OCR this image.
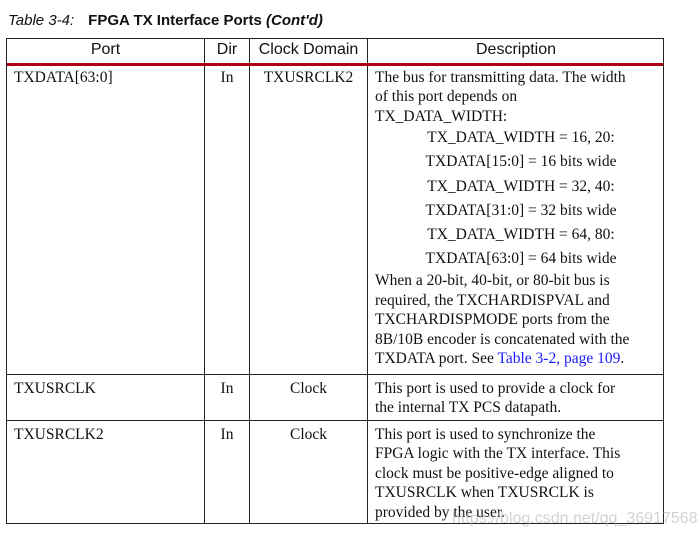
Table 3-4: FPGA TX Interface Ports (Cont'd)
Port	Dir	Clock Domain	Description
TXDATA[63:0]	In	TXUSRCLK2	The bus for transmitting data. The width
of this port depends on
TX_DATA_WIDTH:
TX_DATA_WIDTH = 16, 20:
TXDATA[15:0] = 16 bits wide
TX_DATA_WIDTH = 32, 40:
TXDATA[31:0] = 32 bits wide
TX_DATA_WIDTH = 64, 80:
TXDATA[63:0] = 64 bits wide
When a 20-bit, 40-bit, or 80-bit bus is
required, the TXCHARDISPVAL and
TXCHARDISPMODE ports from the
8B/10B encoder is concatenated with the
TXDATA port. See Table 3-2, page 109.
TXUSRCLK	In	Clock	This port is used to provide a clock for
the internal TX PCS datapath.
TXUSRCLK2	In	Clock	This port is used to synchronize the
FPGA logic with the TX interface. This
clock must be positive-edge aligned to
TXUSRCLK when TXUSRCLK is
provided by the user.
https://blog.csdn.net/qq_36917568
